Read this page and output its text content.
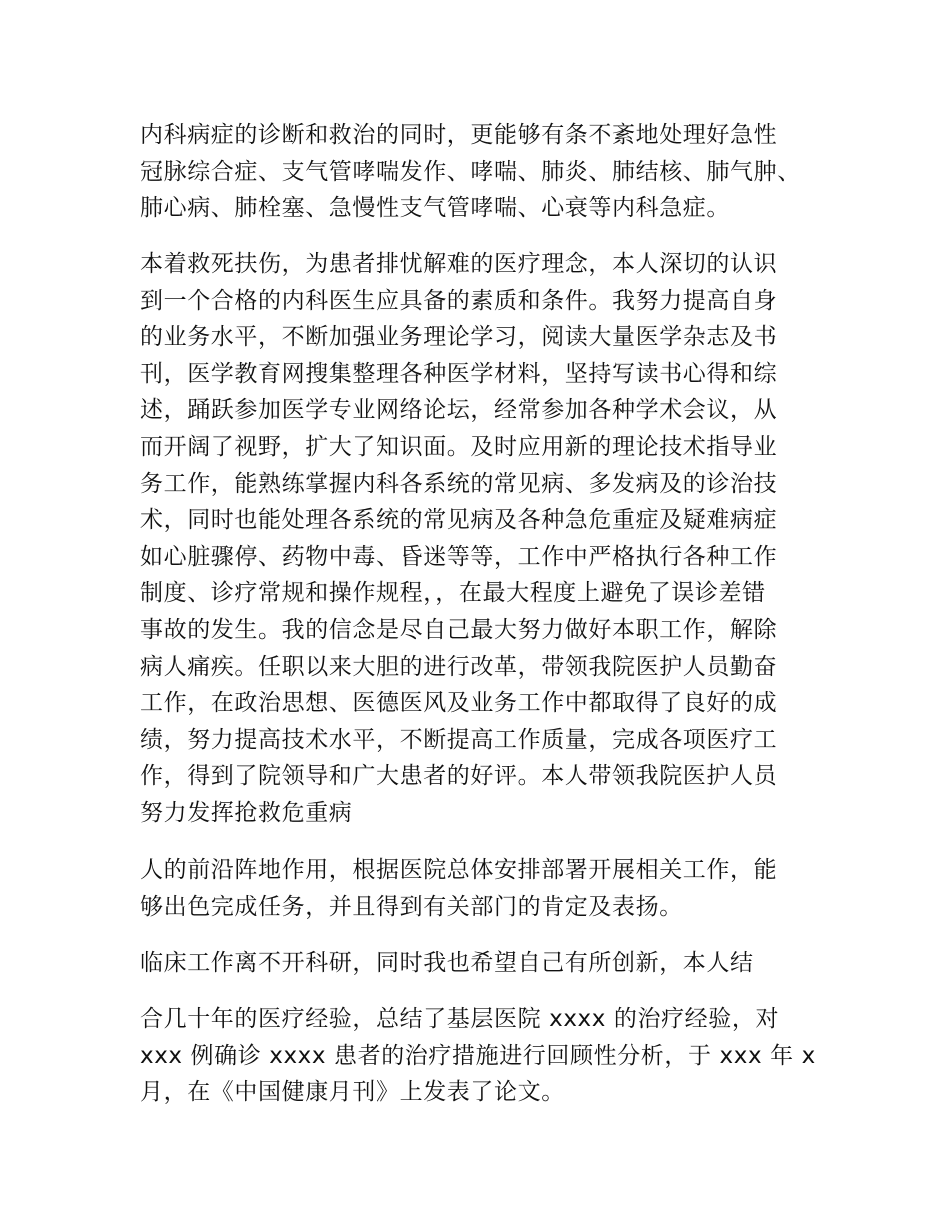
内科病症的诊断和救治的同时，更能够有条不紊地处理好急性
冠脉综合症、支气管哮喘发作、哮喘、肺炎、肺结核、肺气肿、
肺心病、肺栓塞、急慢性支气管哮喘、心衰等内科急症。

本着救死扶伤，为患者排忧解难的医疗理念，本人深切的认识
到一个合格的内科医生应具备的素质和条件。我努力提高自身
的业务水平，不断加强业务理论学习，阅读大量医学杂志及书
刊，医学教育网搜集整理各种医学材料，坚持写读书心得和综
述，踊跃参加医学专业网络论坛，经常参加各种学术会议，从
而开阔了视野，扩大了知识面。及时应用新的理论技术指导业
务工作，能熟练掌握内科各系统的常见病、多发病及的诊治技
术，同时也能处理各系统的常见病及各种急危重症及疑难病症
如心脏骤停、药物中毒、昏迷等等，工作中严格执行各种工作
制度、诊疗常规和操作规程，，在最大程度上避免了误诊差错
事故的发生。我的信念是尽自己最大努力做好本职工作，解除
病人痛疾。任职以来大胆的进行改革，带领我院医护人员勤奋
工作，在政治思想、医德医风及业务工作中都取得了良好的成
绩，努力提高技术水平，不断提高工作质量，完成各项医疗工
作，得到了院领导和广大患者的好评。本人带领我院医护人员
努力发挥抢救危重病

人的前沿阵地作用，根据医院总体安排部署开展相关工作，能
够出色完成任务，并且得到有关部门的肯定及表扬。

临床工作离不开科研，同时我也希望自己有所创新，本人结

合几十年的医疗经验，总结了基层医院 xxxx 的治疗经验，对
xxx 例确诊 xxxx 患者的治疗措施进行回顾性分析，于 xxx 年 x
月，在《中国健康月刊》上发表了论文。
